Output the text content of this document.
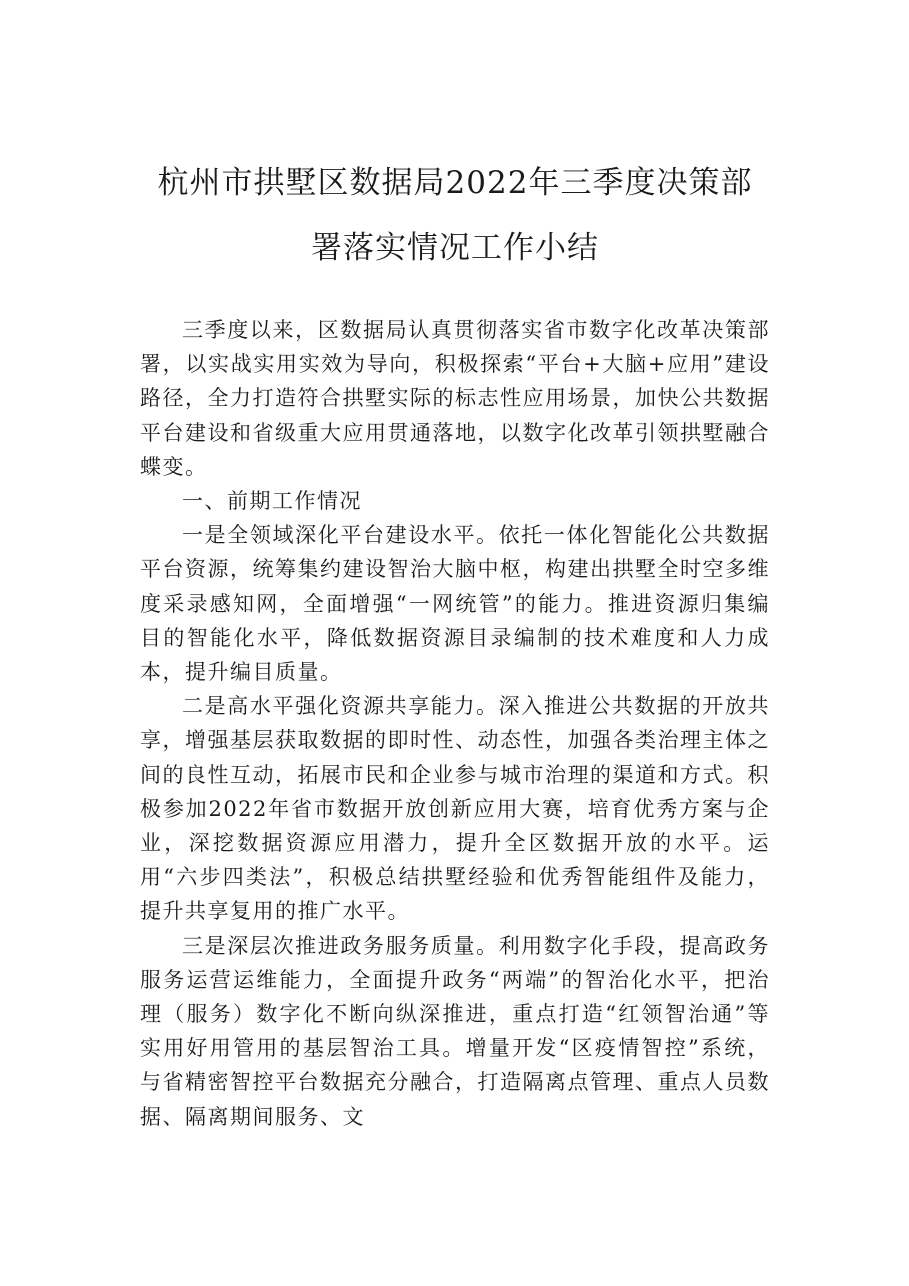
杭州市拱墅区数据局2022年三季度决策部
署落实情况工作小结

三季度以来，区数据局认真贯彻落实省市数字化改革决策部署，以实战实用实效为导向，积极探索“平台+大脑+应用”建设路径，全力打造符合拱墅实际的标志性应用场景，加快公共数据平台建设和省级重大应用贯通落地，以数字化改革引领拱墅融合蝶变。

一、前期工作情况

一是全领域深化平台建设水平。依托一体化智能化公共数据平台资源，统筹集约建设智治大脑中枢，构建出拱墅全时空多维度采录感知网，全面增强“一网统管”的能力。推进资源归集编目的智能化水平，降低数据资源目录编制的技术难度和人力成本，提升编目质量。

二是高水平强化资源共享能力。深入推进公共数据的开放共享，增强基层获取数据的即时性、动态性，加强各类治理主体之间的良性互动，拓展市民和企业参与城市治理的渠道和方式。积极参加2022年省市数据开放创新应用大赛，培育优秀方案与企业，深挖数据资源应用潜力，提升全区数据开放的水平。运用“六步四类法”，积极总结拱墅经验和优秀智能组件及能力，提升共享复用的推广水平。

三是深层次推进政务服务质量。利用数字化手段，提高政务服务运营运维能力，全面提升政务“两端”的智治化水平，把治理（服务）数字化不断向纵深推进，重点打造“红领智治通”等实用好用管用的基层智治工具。增量开发“区疫情智控”系统，与省精密智控平台数据充分融合，打造隔离点管理、重点人员数据、隔离期间服务、文
